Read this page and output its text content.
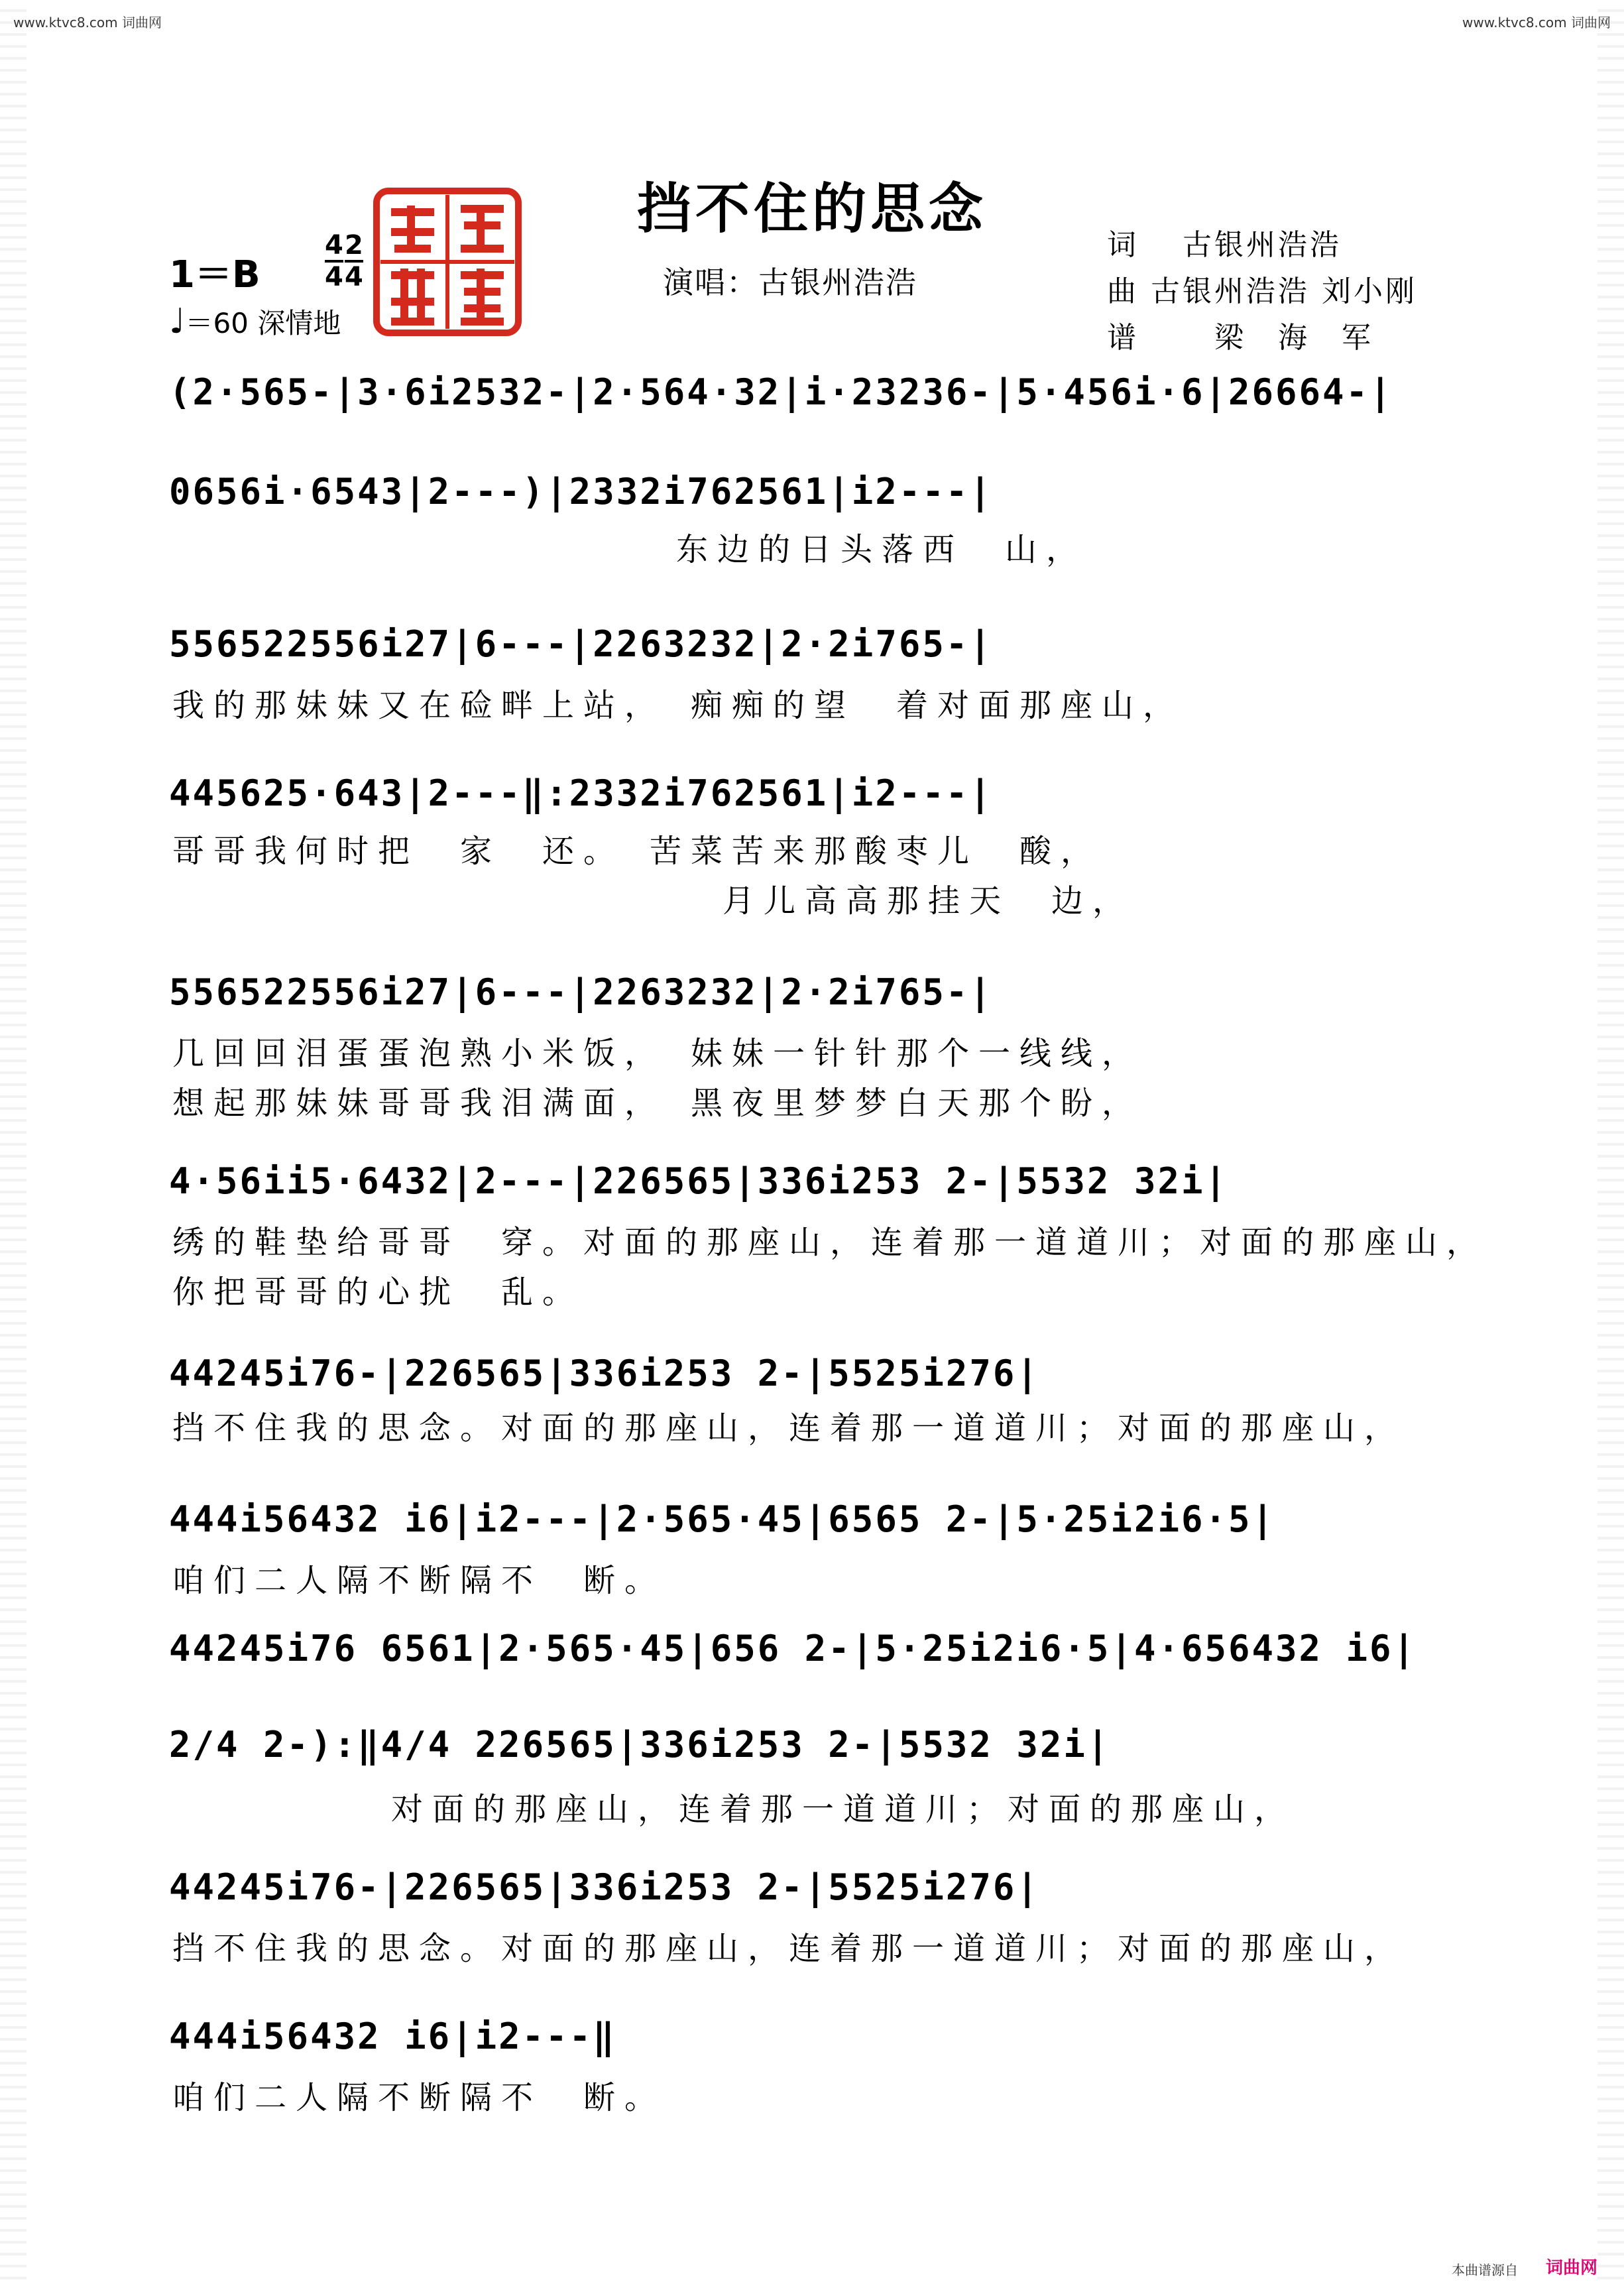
www.ktvc8.com 词曲网	www.ktvc8.com 词曲网
挡不住的思念
1＝B
4
4
2
4
♩＝60 深情地
演唱：古银州浩浩
词　 古银州浩浩
曲 古银州浩浩 刘小刚
谱　　 梁　海　军
(2·565-|3·6i2532-|2·564·32|i·23236-|5·456i·6|26664-|
0656i·6543|2---)|2332i762561|i2---|
东边的日头落西　山，
556522556i27|6---|2263232|2·2i765-|
我的那妹妹又在硷畔上站，　痴痴的望　着对面那座山，
445625·643|2---‖:2332i762561|i2---|
哥哥我何时把　家　还。　苦菜苦来那酸枣儿　酸，
月儿高高那挂天　边，
556522556i27|6---|2263232|2·2i765-|
几回回泪蛋蛋泡熟小米饭，　妹妹一针针那个一线线，
想起那妹妹哥哥我泪满面，　黑夜里梦梦白天那个盼，
4·56ii5·6432|2---|226565|336i253 2-|5532 32i|
绣的鞋垫给哥哥　穿。对面的那座山，连着那一道道川；对面的那座山，
你把哥哥的心扰　乱。
44245i76-|226565|336i253 2-|5525i276|
挡不住我的思念。对面的那座山，连着那一道道川；对面的那座山，
444i56432 i6|i2---|2·565·45|6565 2-|5·25i2i6·5|
咱们二人隔不断隔不　断。
44245i76 6561|2·565·45|656 2-|5·25i2i6·5|4·656432 i6|
2/4 2-):‖4/4 226565|336i253 2-|5532 32i|
对面的那座山，连着那一道道川；对面的那座山，
44245i76-|226565|336i253 2-|5525i276|
挡不住我的思念。对面的那座山，连着那一道道川；对面的那座山，
444i56432 i6|i2---‖
咱们二人隔不断隔不　断。
本曲谱源自 词曲网
